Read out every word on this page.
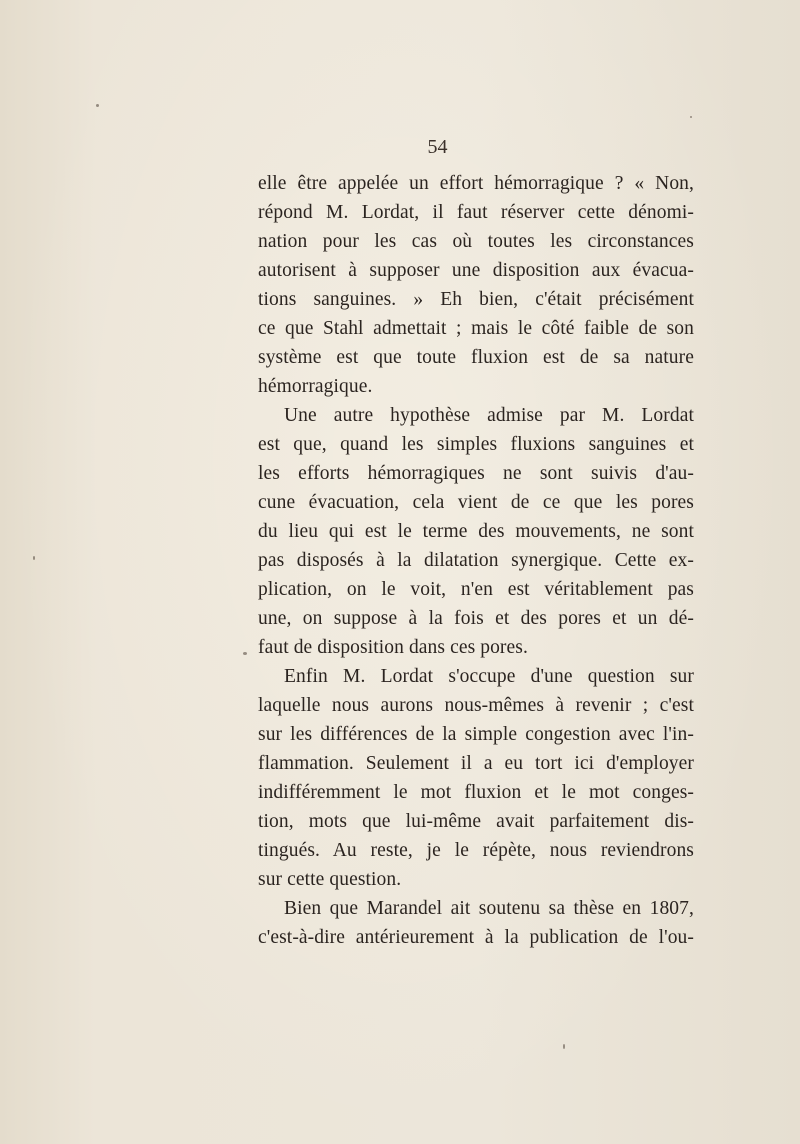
54
elle être appelée un effort hémorragique ? « Non,
répond M. Lordat, il faut réserver cette dénomi-
nation pour les cas où toutes les circonstances
autorisent à supposer une disposition aux évacua-
tions sanguines. » Eh bien, c'était précisément
ce que Stahl admettait ; mais le côté faible de son
système est que toute fluxion est de sa nature
hémorragique.
Une autre hypothèse admise par M. Lordat
est que, quand les simples fluxions sanguines et
les efforts hémorragiques ne sont suivis d'au-
cune évacuation, cela vient de ce que les pores
du lieu qui est le terme des mouvements, ne sont
pas disposés à la dilatation synergique. Cette ex-
plication, on le voit, n'en est véritablement pas
une, on suppose à la fois et des pores et un dé-
faut de disposition dans ces pores.
Enfin M. Lordat s'occupe d'une question sur
laquelle nous aurons nous-mêmes à revenir ; c'est
sur les différences de la simple congestion avec l'in-
flammation. Seulement il a eu tort ici d'employer
indifféremment le mot fluxion et le mot conges-
tion, mots que lui-même avait parfaitement dis-
tingués. Au reste, je le répète, nous reviendrons
sur cette question.
Bien que Marandel ait soutenu sa thèse en 1807,
c'est-à-dire antérieurement à la publication de l'ou-
